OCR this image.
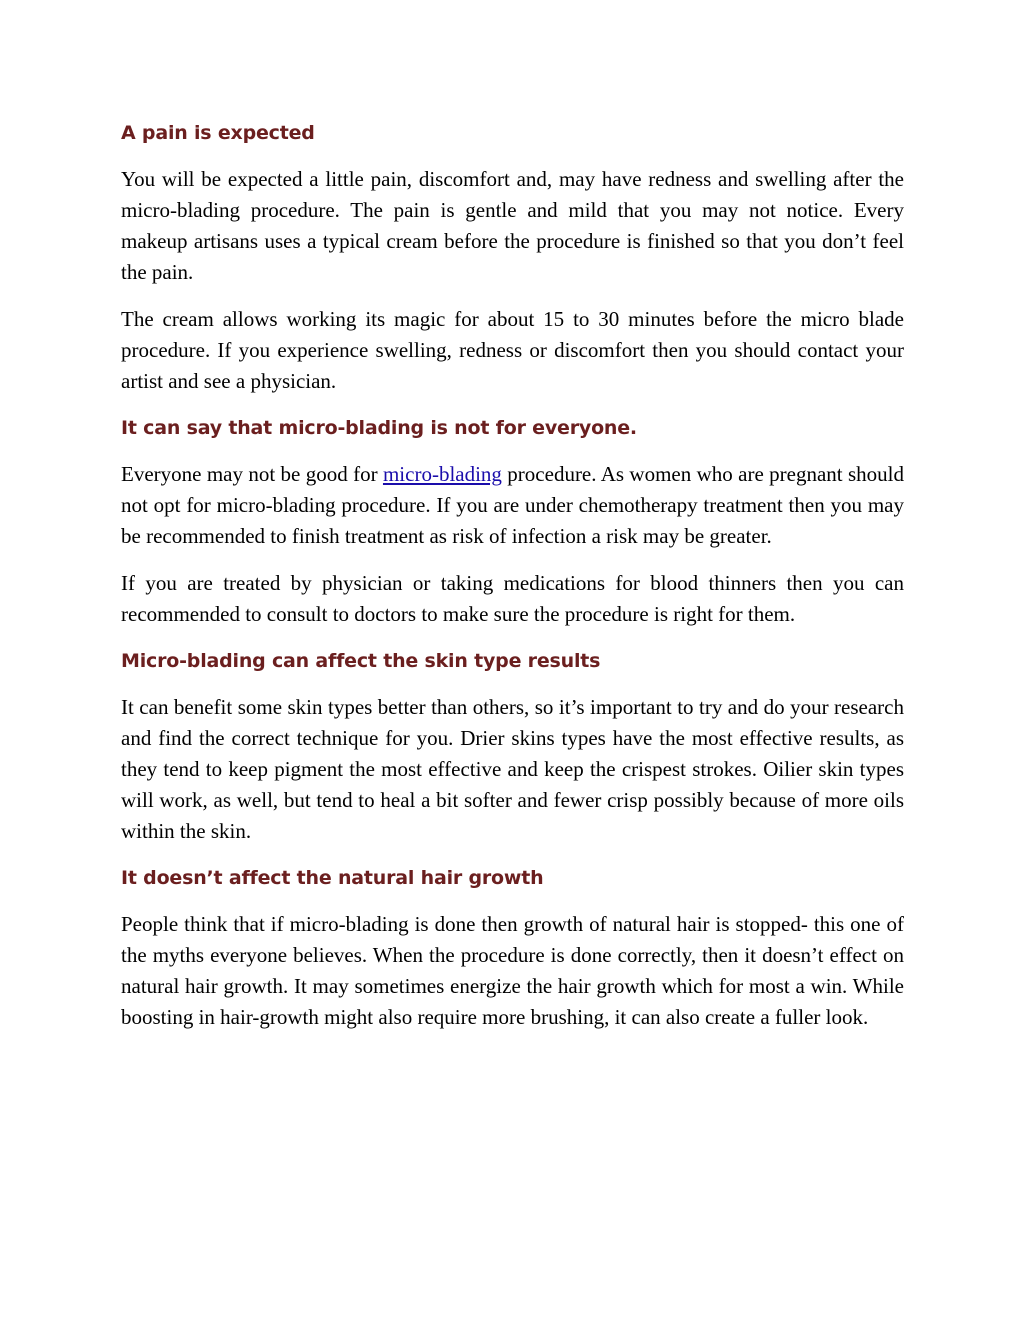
A pain is expected

You will be expected a little pain, discomfort and, may have redness and swelling after the micro-blading procedure. The pain is gentle and mild that you may not notice. Every makeup artisans uses a typical cream before the procedure is finished so that you don’t feel the pain.

The cream allows working its magic for about 15 to 30 minutes before the micro blade procedure. If you experience swelling, redness or discomfort then you should contact your artist and see a physician.

It can say that micro-blading is not for everyone.

Everyone may not be good for micro-blading procedure. As women who are pregnant should not opt for micro-blading procedure. If you are under chemotherapy treatment then you may be recommended to finish treatment as risk of infection a risk may be greater.

If you are treated by physician or taking medications for blood thinners then you can recommended to consult to doctors to make sure the procedure is right for them.

Micro-blading can affect the skin type results

It can benefit some skin types better than others, so it’s important to try and do your research and find the correct technique for you. Drier skins types have the most effective results, as they tend to keep pigment the most effective and keep the crispest strokes. Oilier skin types will work, as well, but tend to heal a bit softer and fewer crisp possibly because of more oils within the skin.

It doesn’t affect the natural hair growth

People think that if micro-blading is done then growth of natural hair is stopped- this one of the myths everyone believes. When the procedure is done correctly, then it doesn’t effect on natural hair growth. It may sometimes energize the hair growth which for most a win. While boosting in hair-growth might also require more brushing, it can also create a fuller look.
